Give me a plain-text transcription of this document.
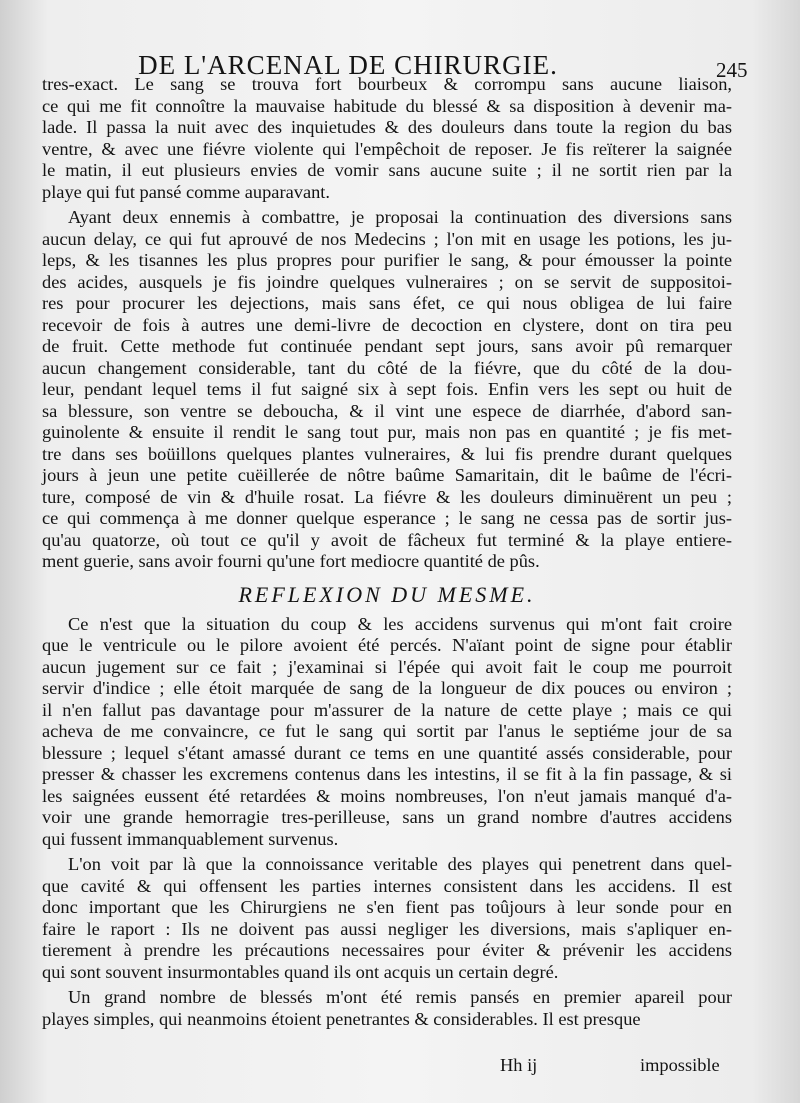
DE L'ARCENAL DE CHIRURGIE.	245
tres-exact. Le sang se trouva fort bourbeux & corrompu sans aucune liaison,
ce qui me fit connoître la mauvaise habitude du blessé & sa disposition à devenir ma-
lade. Il passa la nuit avec des inquietudes & des douleurs dans toute la region du bas
ventre, & avec une fiévre violente qui l'empêchoit de reposer. Je fis reïterer la saignée
le matin, il eut plusieurs envies de vomir sans aucune suite ; il ne sortit rien par la
playe qui fut pansé comme auparavant.
Ayant deux ennemis à combattre, je proposai la continuation des diversions sans
aucun delay, ce qui fut aprouvé de nos Medecins ; l'on mit en usage les potions, les ju-
leps, & les tisannes les plus propres pour purifier le sang, & pour émousser la pointe
des acides, ausquels je fis joindre quelques vulneraires ; on se servit de suppositoi-
res pour procurer les dejections, mais sans éfet, ce qui nous obligea de lui faire
recevoir de fois à autres une demi-livre de decoction en clystere, dont on tira peu
de fruit. Cette methode fut continuée pendant sept jours, sans avoir pû remarquer
aucun changement considerable, tant du côté de la fiévre, que du côté de la dou-
leur, pendant lequel tems il fut saigné six à sept fois. Enfin vers les sept ou huit de
sa blessure, son ventre se deboucha, & il vint une espece de diarrhée, d'abord san-
guinolente & ensuite il rendit le sang tout pur, mais non pas en quantité ; je fis met-
tre dans ses boüillons quelques plantes vulneraires, & lui fis prendre durant quelques
jours à jeun une petite cuëillerée de nôtre baûme Samaritain, dit le baûme de l'écri-
ture, composé de vin & d'huile rosat. La fiévre & les douleurs diminuërent un peu ;
ce qui commença à me donner quelque esperance ; le sang ne cessa pas de sortir jus-
qu'au quatorze, où tout ce qu'il y avoit de fâcheux fut terminé & la playe entiere-
ment guerie, sans avoir fourni qu'une fort mediocre quantité de pûs.
REFLEXION DU MESME.
Ce n'est que la situation du coup & les accidens survenus qui m'ont fait croire
que le ventricule ou le pilore avoient été percés. N'aïant point de signe pour établir
aucun jugement sur ce fait ; j'examinai si l'épée qui avoit fait le coup me pourroit
servir d'indice ; elle étoit marquée de sang de la longueur de dix pouces ou environ ;
il n'en fallut pas davantage pour m'assurer de la nature de cette playe ; mais ce qui
acheva de me convaincre, ce fut le sang qui sortit par l'anus le septiéme jour de sa
blessure ; lequel s'étant amassé durant ce tems en une quantité assés considerable, pour
presser & chasser les excremens contenus dans les intestins, il se fit à la fin passage, & si
les saignées eussent été retardées & moins nombreuses, l'on n'eut jamais manqué d'a-
voir une grande hemorragie tres-perilleuse, sans un grand nombre d'autres accidens
qui fussent immanquablement survenus.
L'on voit par là que la connoissance veritable des playes qui penetrent dans quel-
que cavité & qui offensent les parties internes consistent dans les accidens. Il est
donc important que les Chirurgiens ne s'en fient pas toûjours à leur sonde pour en
faire le raport : Ils ne doivent pas aussi negliger les diversions, mais s'apliquer en-
tierement à prendre les précautions necessaires pour éviter & prévenir les accidens
qui sont souvent insurmontables quand ils ont acquis un certain degré.
Un grand nombre de blessés m'ont été remis pansés en premier apareil pour
playes simples, qui neanmoins étoient penetrantes & considerables. Il est presque
Hh ij	impossible
